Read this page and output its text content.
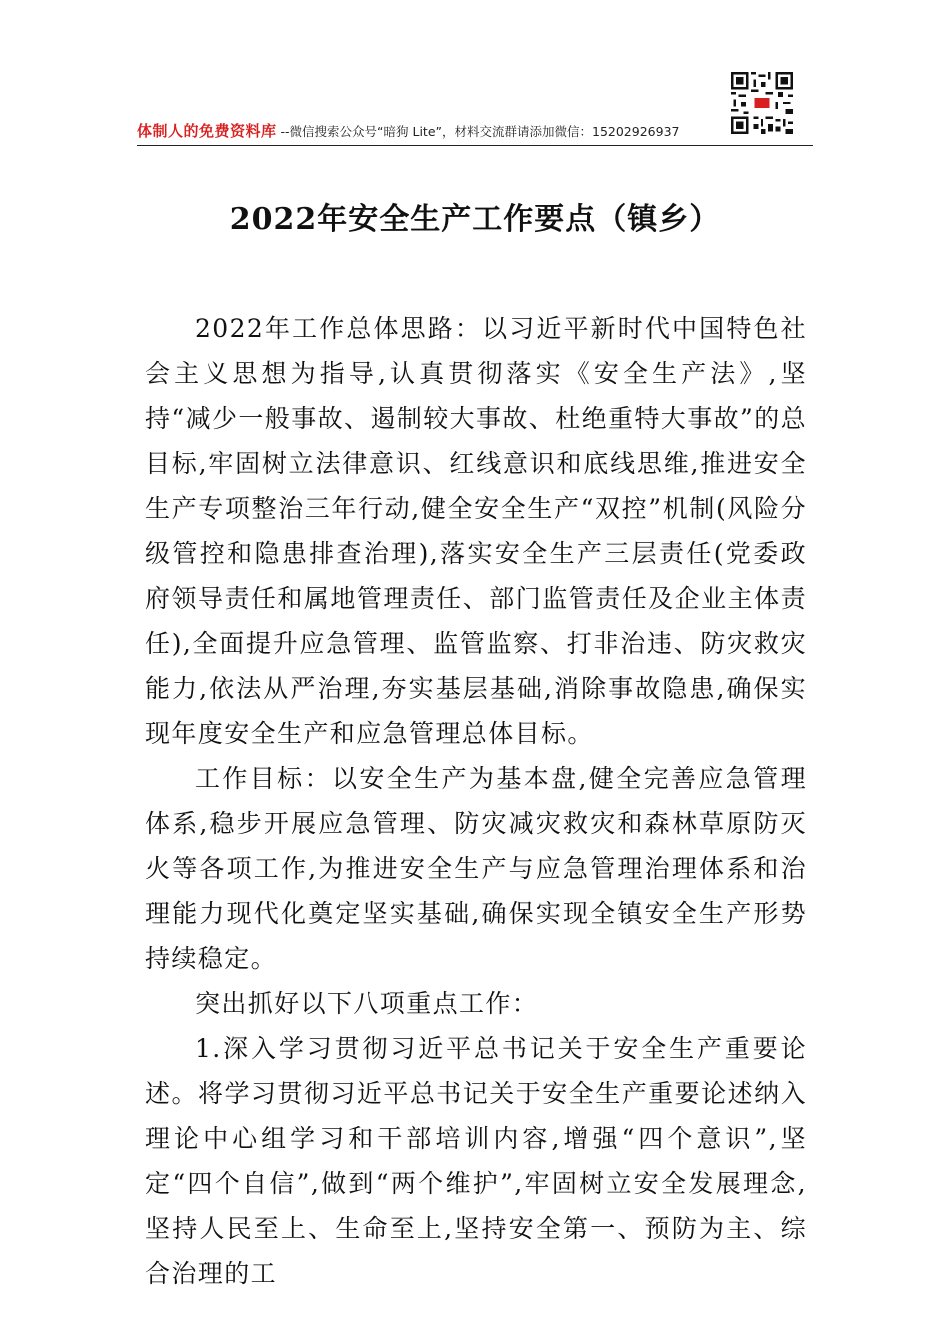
体制人的免费资料库 --微信搜索公众号“暗狗 Lite”，材料交流群请添加微信：15202926937
2022年安全生产工作要点（镇乡）

2022年工作总体思路：以习近平新时代中国特色社会主义思想为指导,认真贯彻落实《安全生产法》,坚持“减少一般事故、遏制较大事故、杜绝重特大事故”的总目标,牢固树立法律意识、红线意识和底线思维,推进安全生产专项整治三年行动,健全安全生产“双控”机制(风险分级管控和隐患排查治理),落实安全生产三层责任(党委政府领导责任和属地管理责任、部门监管责任及企业主体责任),全面提升应急管理、监管监察、打非治违、防灾救灾能力,依法从严治理,夯实基层基础,消除事故隐患,确保实现年度安全生产和应急管理总体目标。

工作目标：以安全生产为基本盘,健全完善应急管理体系,稳步开展应急管理、防灾减灾救灾和森林草原防灭火等各项工作,为推进安全生产与应急管理治理体系和治理能力现代化奠定坚实基础,确保实现全镇安全生产形势持续稳定。

突出抓好以下八项重点工作：

1.深入学习贯彻习近平总书记关于安全生产重要论述。将学习贯彻习近平总书记关于安全生产重要论述纳入理论中心组学习和干部培训内容,增强“四个意识”,坚定“四个自信”,做到“两个维护”,牢固树立安全发展理念,坚持人民至上、生命至上,坚持安全第一、预防为主、综合治理的工
